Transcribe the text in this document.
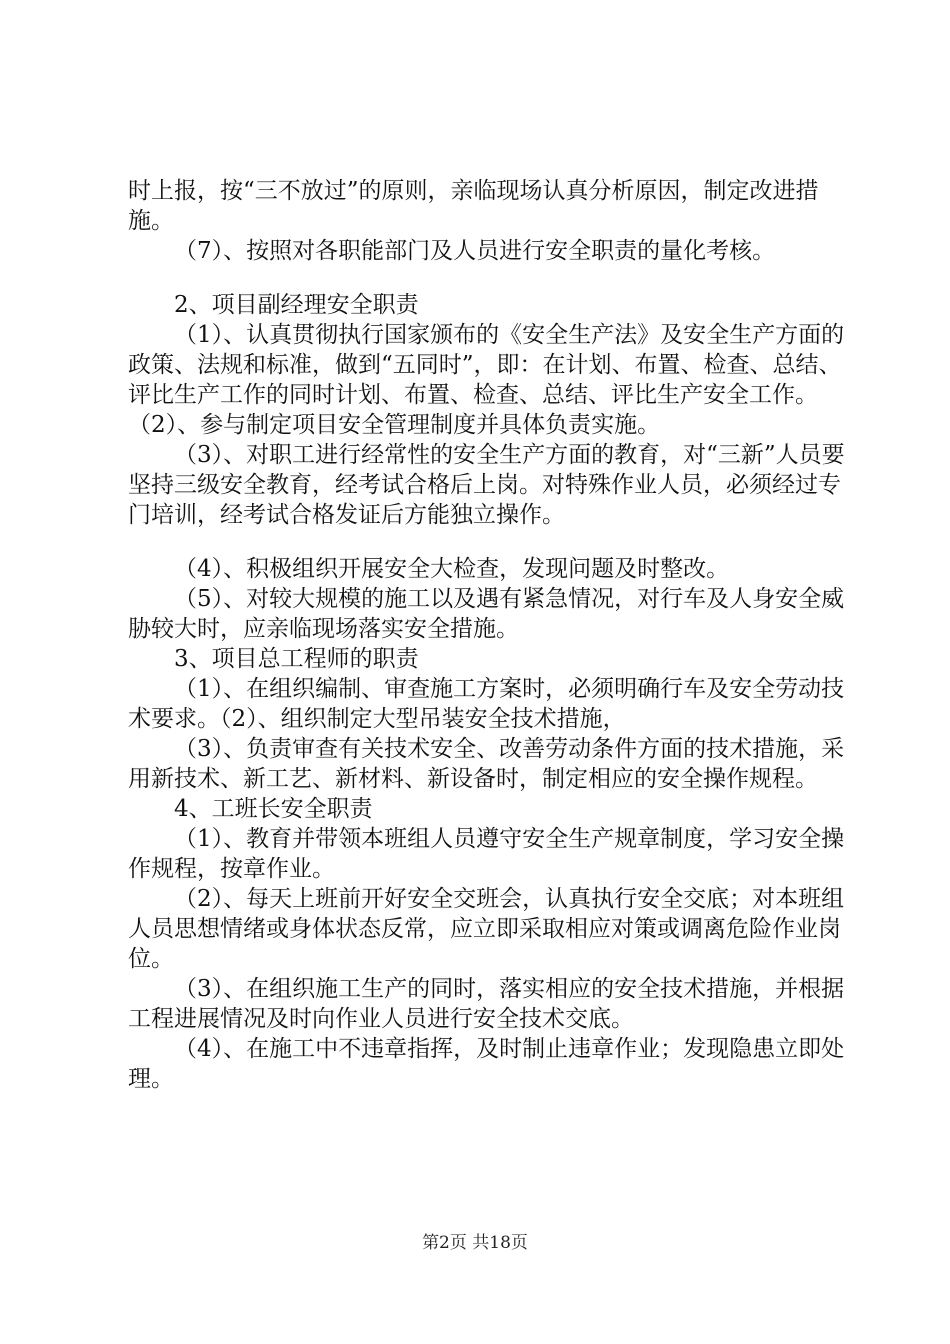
时上报，按“三不放过”的原则，亲临现场认真分析原因，制定改进措施。

（7）、按照对各职能部门及人员进行安全职责的量化考核。

2、项目副经理安全职责

（1）、认真贯彻执行国家颁布的《安全生产法》及安全生产方面的政策、法规和标准，做到“五同时”，即：在计划、布置、检查、总结、评比生产工作的同时计划、布置、检查、总结、评比生产安全工作。（2）、参与制定项目安全管理制度并具体负责实施。

（3）、对职工进行经常性的安全生产方面的教育，对“三新”人员要坚持三级安全教育，经考试合格后上岗。对特殊作业人员，必须经过专门培训，经考试合格发证后方能独立操作。

（4）、积极组织开展安全大检查，发现问题及时整改。

（5）、对较大规模的施工以及遇有紧急情况，对行车及人身安全威胁较大时，应亲临现场落实安全措施。

3、项目总工程师的职责

（1）、在组织编制、审查施工方案时，必须明确行车及安全劳动技术要求。（2）、组织制定大型吊装安全技术措施，

（3）、负责审查有关技术安全、改善劳动条件方面的技术措施，采用新技术、新工艺、新材料、新设备时，制定相应的安全操作规程。

4、工班长安全职责

（1）、教育并带领本班组人员遵守安全生产规章制度，学习安全操作规程，按章作业。

（2）、每天上班前开好安全交班会，认真执行安全交底；对本班组人员思想情绪或身体状态反常，应立即采取相应对策或调离危险作业岗位。

（3）、在组织施工生产的同时，落实相应的安全技术措施，并根据工程进展情况及时向作业人员进行安全技术交底。

（4）、在施工中不违章指挥，及时制止违章作业；发现隐患立即处理。

第2页 共18页
